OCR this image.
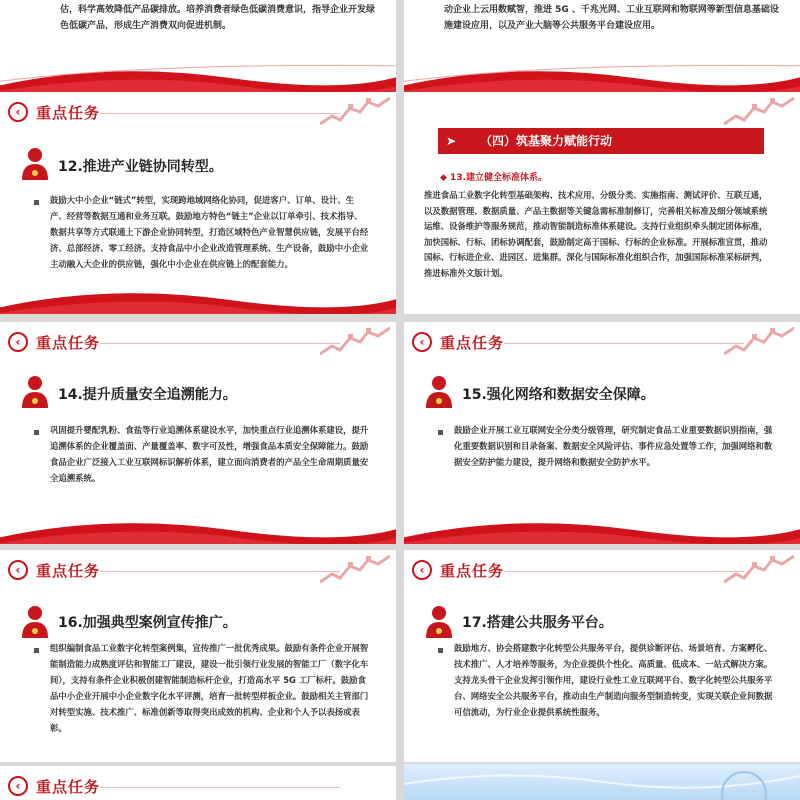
估，科学高效降低产品碳排放。培养消费者绿色低碳消费意识，指导企业开发绿色低碳产品，形成生产消费双向促进机制。
动企业上云用数赋智，推进 5G 、千兆光网、工业互联网和物联网等新型信息基础设施建设应用，以及产业大脑等公共服务平台建设应用。
‹	重点任务
12.推进产业链协同转型。
鼓励大中小企业“链式”转型，实现跨地域网络化协同，促进客户、订单、设计、生产、经营等数据互通和业务互联。鼓励地方特色“链主”企业以订单牵引、技术指导、数据共享等方式联通上下游企业协同转型，打造区域特色产业智慧供应链，发展平台经济、总部经济、零工经济。支持食品中小企业改造管理系统、生产设备，鼓励中小企业主动融入大企业的供应链，强化中小企业在供应链上的配套能力。
➤ （四）筑基聚力赋能行动
◆ 13.建立健全标准体系。
推进食品工业数字化转型基础架构、技术应用、分级分类、实施指南、测试评价、互联互通，以及数据管理、数据质量、产品主数据等关键急需标准制修订，完善相关标准及细分领域系统运维、设备维护等服务规范，推动智能制造标准体系建设。支持行业组织牵头制定团体标准，加快国标、行标、团标协调配套，鼓励制定高于国标、行标的企业标准。开展标准宣贯，推动国标、行标进企业、进园区、进集群。深化与国际标准化组织合作，加强国际标准采标研判，推进标准外文版计划。
‹	重点任务
14.提升质量安全追溯能力。
巩固提升婴配乳粉、食盐等行业追溯体系建设水平，加快重点行业追溯体系建设，提升追溯体系的企业覆盖面、产量覆盖率、数字可及性，增强食品本质安全保障能力。鼓励食品企业广泛接入工业互联网标识解析体系，建立面向消费者的产品全生命周期质量安全追溯系统。
‹	重点任务
15.强化网络和数据安全保障。
鼓励企业开展工业互联网安全分类分级管理，研究制定食品工业重要数据识别指南，强化重要数据识别和目录备案、数据安全风险评估、事件应急处置等工作，加强网络和数据安全防护能力建设，提升网络和数据安全防护水平。
‹	重点任务
16.加强典型案例宣传推广。
组织编制食品工业数字化转型案例集，宣传推广一批优秀成果。鼓励有条件企业开展智能制造能力成熟度评估和智能工厂建设，建设一批引领行业发展的智能工厂（数字化车间），支持有条件企业积极创建智能制造标杆企业，打造高水平 5G 工厂标杆。鼓励食品中小企业开展中小企业数字化水平评测，培育一批转型样板企业。鼓励相关主管部门对转型实施、技术推广、标准创新等取得突出成效的机构、企业和个人予以表扬或表彰。
‹	重点任务
17.搭建公共服务平台。
鼓励地方、协会搭建数字化转型公共服务平台，提供诊断评估、场景培育、方案孵化、技术推广、人才培养等服务，为企业提供个性化、高质量、低成本、一站式解决方案。支持龙头骨干企业发挥引领作用，建设行业性工业互联网平台、数字化转型公共服务平台、网络安全公共服务平台，推动由生产制造向服务型制造转变，实现关联企业间数据可信流动，为行业企业提供系统性服务。
‹	重点任务
